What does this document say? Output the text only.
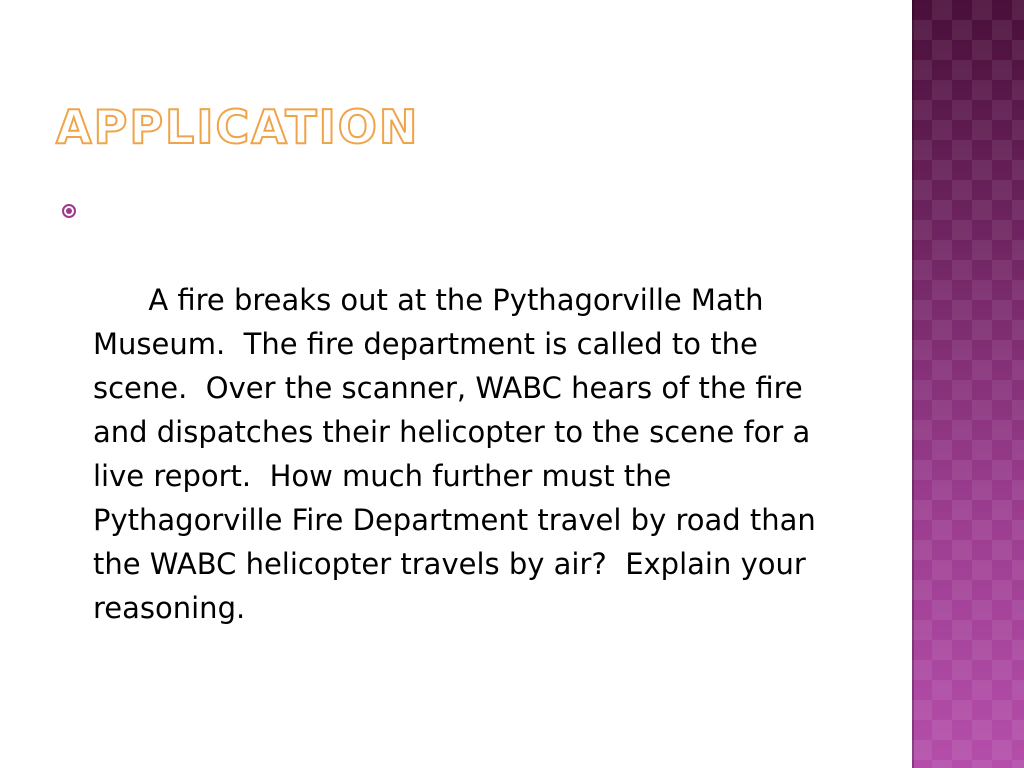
APPLICATION

A fire breaks out at the Pythagorville Math Museum.  The fire department is called to the scene.  Over the scanner, WABC hears of the fire and dispatches their helicopter to the scene for a live report.  How much further must the Pythagorville Fire Department travel by road than the WABC helicopter travels by air?  Explain your reasoning.
